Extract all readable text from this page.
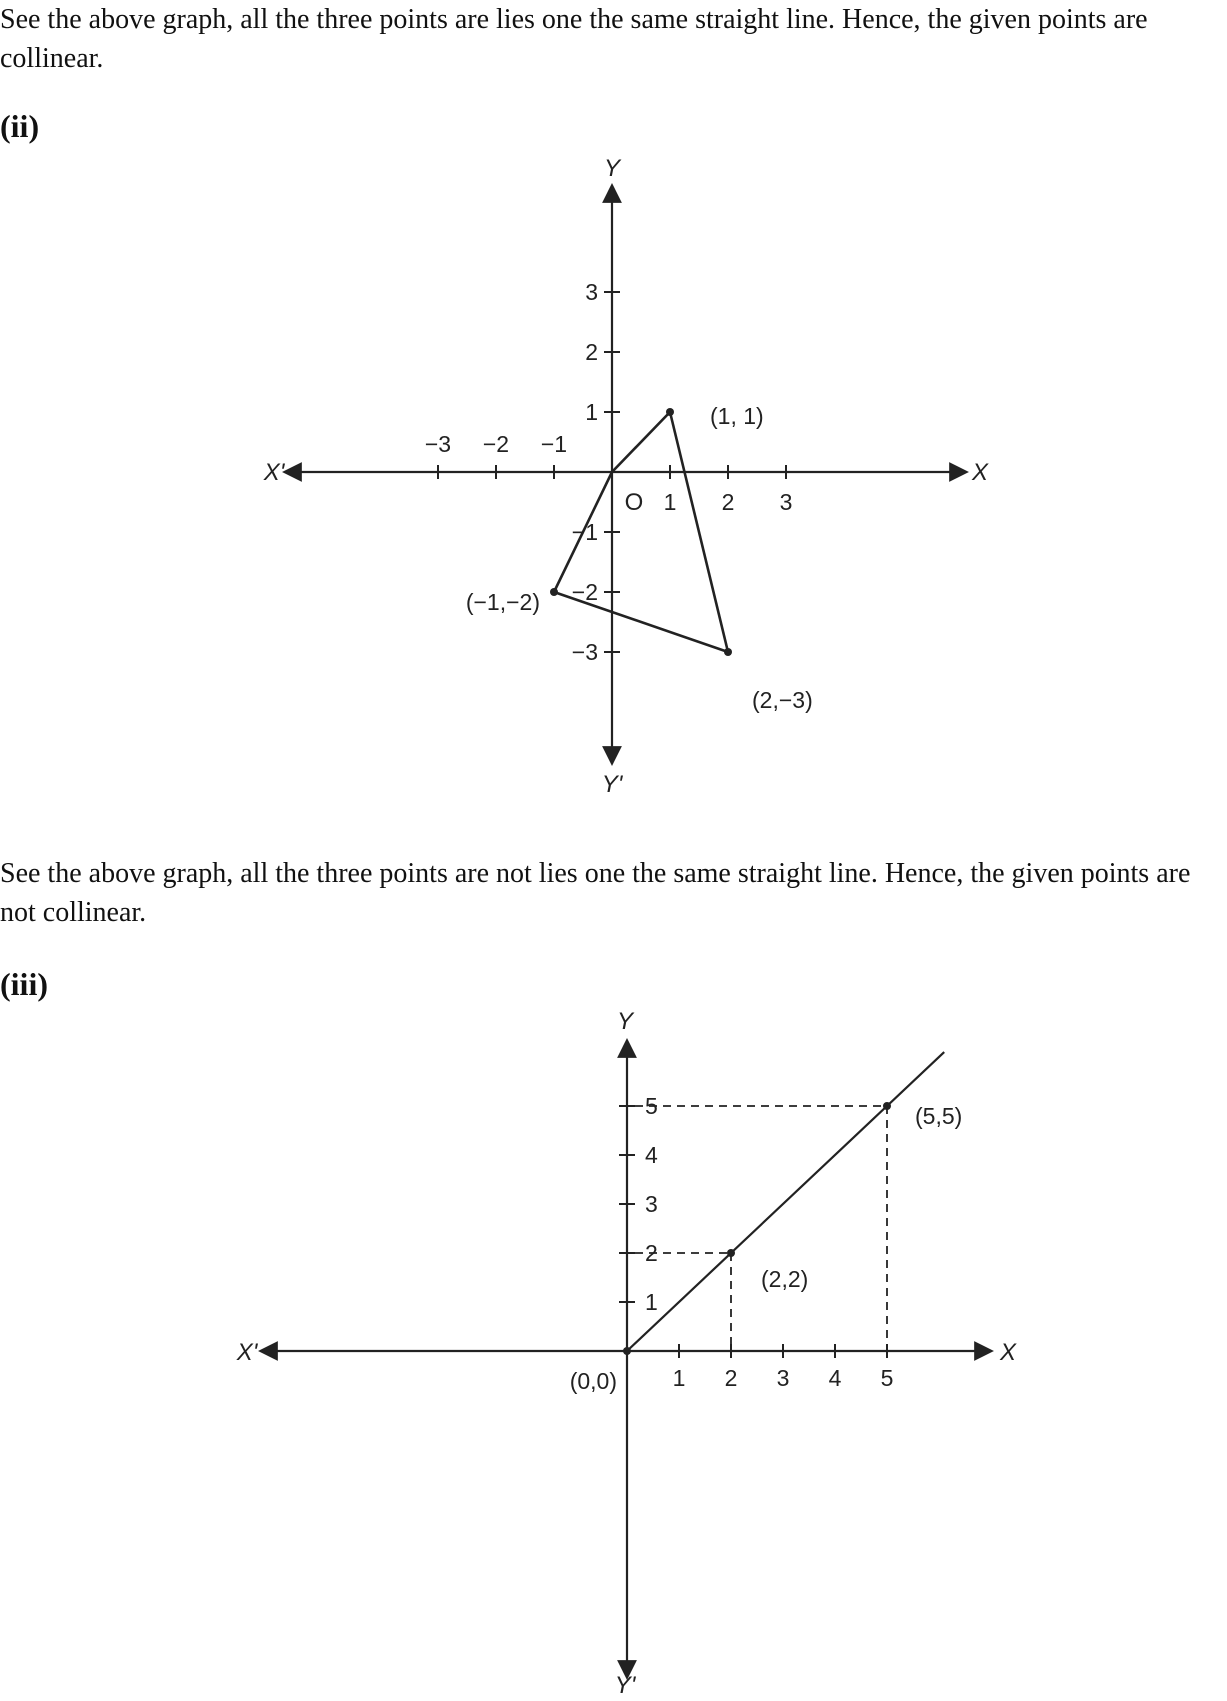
See the above graph, all the three points are lies one the same straight line. Hence, the given points are collinear.

(ii)

−3 −2 −1
1 2 3
3
2
1
−1
−2
−3
X
X'
Y
Y'
O
(1, 1)
(2,−3)
(−1,−2)
1 2 3 4 5
1
2
3
4
5
X
X'
Y
Y'
(0,0)
(2,2)
(5,5)

See the above graph, all the three points are not lies one the same straight line. Hence, the given points are not collinear.

(iii)
